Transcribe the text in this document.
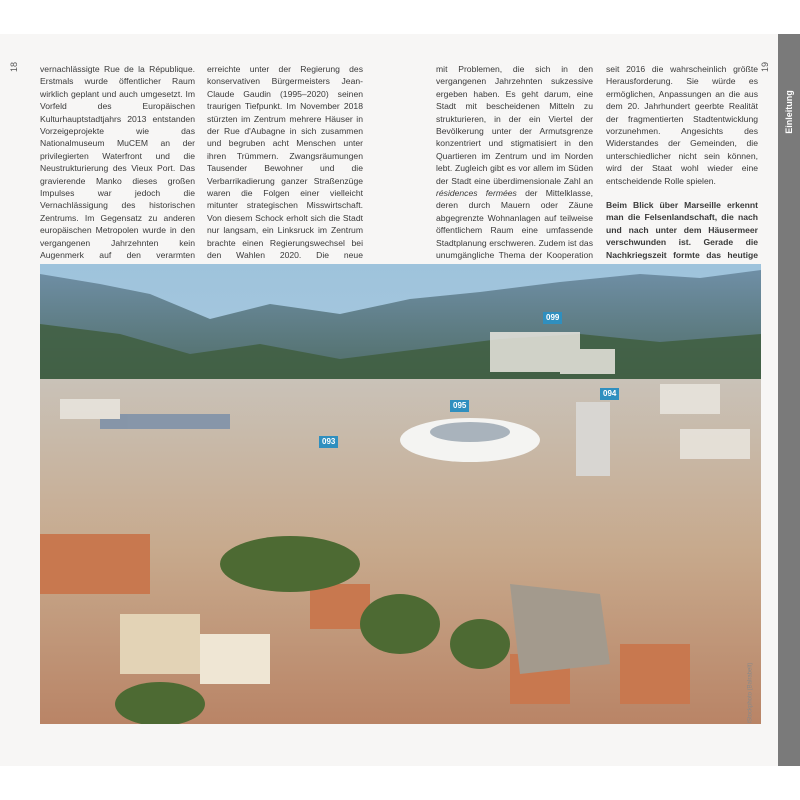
18	19
Einleitung

vernachlässigte Rue de la République. Erstmals wurde öffentlicher Raum wirklich geplant und auch umgesetzt. Im Vorfeld des Europäischen Kulturhauptstadtjahrs 2013 entstanden Vorzeigeprojekte wie das Nationalmuseum MuCEM an der privilegierten Waterfront und die Neustrukturierung des Vieux Port. Das gravierende Manko dieses großen Impulses war jedoch die Vernachlässigung des historischen Zentrums. Im Gegensatz zu anderen europäischen Metropolen wurde in den vergangenen Jahrzehnten kein Augenmerk auf den verarmten

erreichte unter der Regierung des konservativen Bürgermeisters Jean-Claude Gaudin (1995–2020) seinen traurigen Tiefpunkt. Im November 2018 stürzten im Zentrum mehrere Häuser in der Rue d'Aubagne in sich zusammen und begruben acht Menschen unter ihren Trümmern. Zwangsräumungen Tausender Bewohner und die Verbarrikadierung ganzer Straßenzüge waren die Folgen einer vielleicht mitunter strategischen Misswirtschaft. Von diesem Schock erholt sich die Stadt nur langsam, ein Linksruck im Zentrum brachte einen Regierungswechsel bei den Wahlen 2020. Die neue

mit Problemen, die sich in den vergangenen Jahrzehnten sukzessive ergeben haben. Es geht darum, eine Stadt mit bescheidenen Mitteln zu strukturieren, in der ein Viertel der Bevölkerung unter der Armutsgrenze konzentriert und stigmatisiert in den Quartieren im Zentrum und im Norden lebt. Zugleich gibt es vor allem im Süden der Stadt eine überdimensionale Zahl an résidences fermées der Mittelklasse, deren durch Mauern oder Zäune abgegrenzte Wohnanlagen auf teilweise öffentlichem Raum eine umfassende Stadtplanung erschweren. Zudem ist das unumgängliche Thema der Kooperation

seit 2016 die wahrscheinlich größte Herausforderung. Sie würde es ermöglichen, Anpassungen an die aus dem 20. Jahrhundert geerbte Realität der fragmentierten Stadtentwicklung vorzunehmen. Angesichts des Widerstandes der Gemeinden, die unterschiedlicher nicht sein können, wird der Staat wohl wieder eine entscheidende Rolle spielen.

Beim Blick über Marseille erkennt man die Felsenlandschaft, die nach und nach unter dem Häusermeer verschwunden ist. Gerade die Nachkriegszeit formte das heutige

099
095
094
093
iStockphoto (Balrabelt)
